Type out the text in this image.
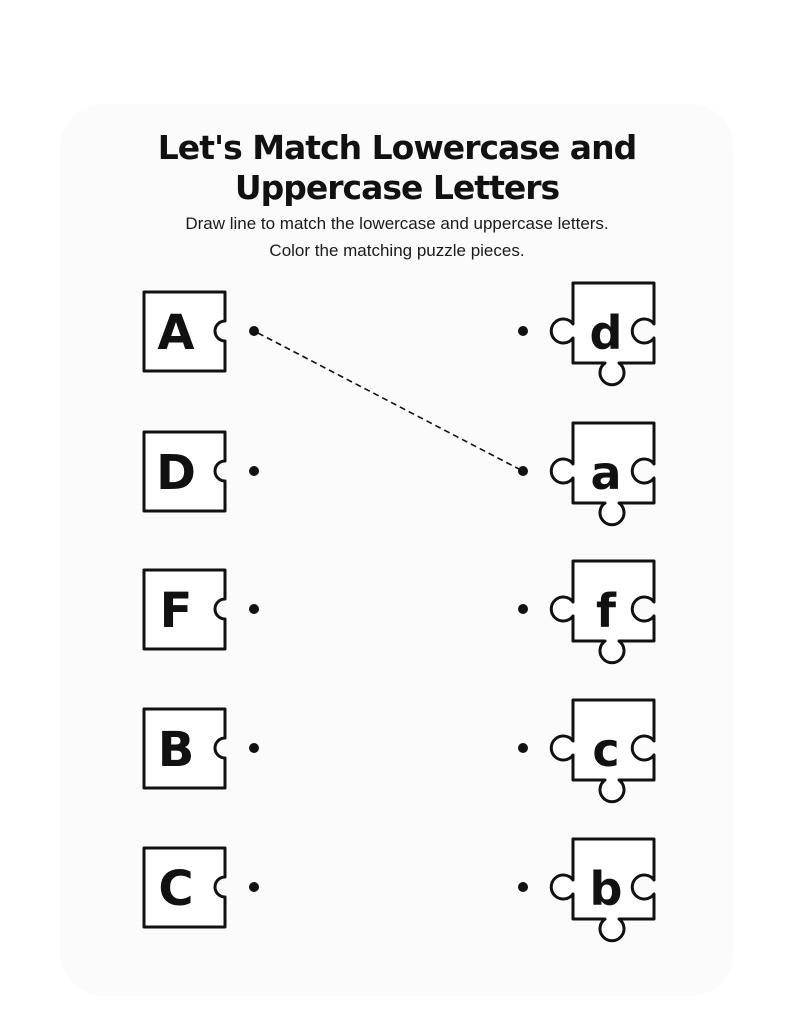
Let's Match Lowercase and
Uppercase Letters
Draw line to match the lowercase and uppercase letters.
Color the matching puzzle pieces.
A
D
F
B
C
d
a
f
c
b
